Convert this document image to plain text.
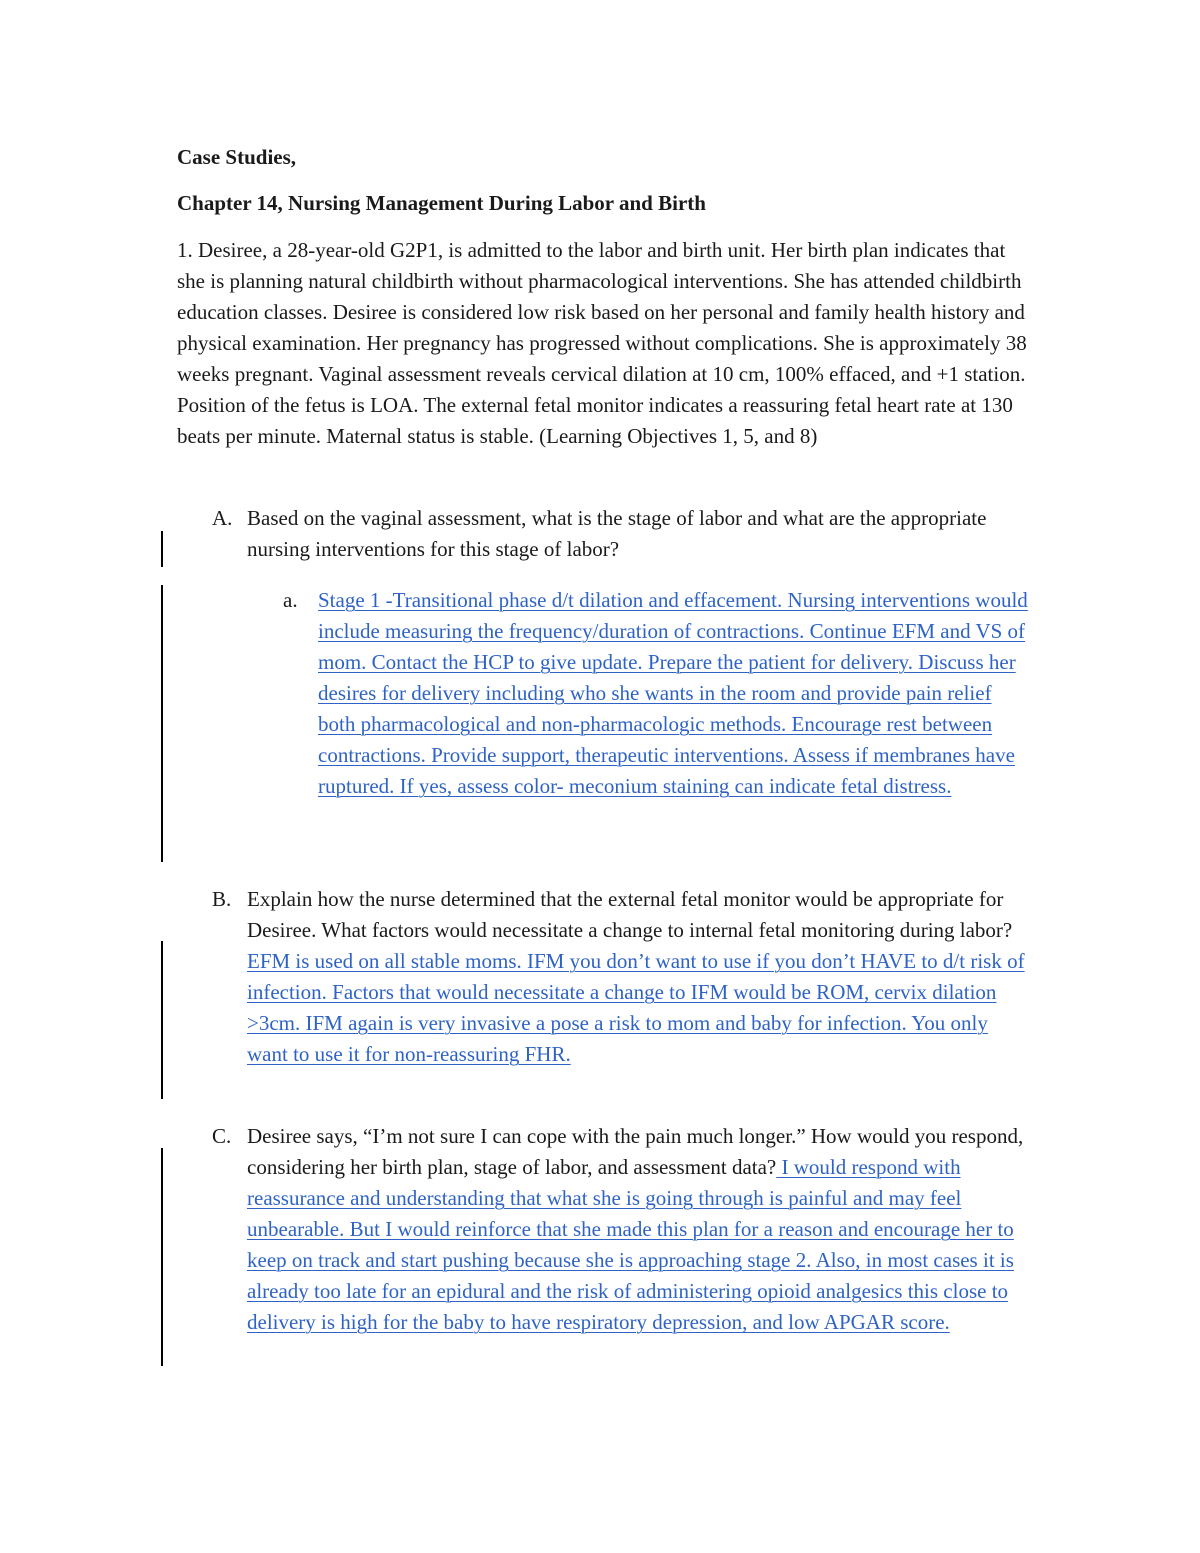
Case Studies,
Chapter 14, Nursing Management During Labor and Birth
1. Desiree, a 28-year-old G2P1, is admitted to the labor and birth unit. Her birth plan indicates that she is planning natural childbirth without pharmacological interventions. She has attended childbirth education classes. Desiree is considered low risk based on her personal and family health history and physical examination. Her pregnancy has progressed without complications. She is approximately 38 weeks pregnant. Vaginal assessment reveals cervical dilation at 10 cm, 100% effaced, and +1 station. Position of the fetus is LOA. The external fetal monitor indicates a reassuring fetal heart rate at 130 beats per minute. Maternal status is stable. (Learning Objectives 1, 5, and 8)
A. Based on the vaginal assessment, what is the stage of labor and what are the appropriate nursing interventions for this stage of labor?
a. Stage 1 -Transitional phase d/t dilation and effacement. Nursing interventions would include measuring the frequency/duration of contractions. Continue EFM and VS of mom. Contact the HCP to give update. Prepare the patient for delivery. Discuss her desires for delivery including who she wants in the room and provide pain relief both pharmacological and non-pharmacologic methods. Encourage rest between contractions. Provide support, therapeutic interventions. Assess if membranes have ruptured. If yes, assess color- meconium staining can indicate fetal distress.
B. Explain how the nurse determined that the external fetal monitor would be appropriate for Desiree. What factors would necessitate a change to internal fetal monitoring during labor? EFM is used on all stable moms. IFM you don’t want to use if you don’t HAVE to d/t risk of infection. Factors that would necessitate a change to IFM would be ROM, cervix dilation >3cm. IFM again is very invasive a pose a risk to mom and baby for infection. You only want to use it for non-reassuring FHR.
C. Desiree says, “I’m not sure I can cope with the pain much longer.” How would you respond, considering her birth plan, stage of labor, and assessment data? I would respond with reassurance and understanding that what she is going through is painful and may feel unbearable. But I would reinforce that she made this plan for a reason and encourage her to keep on track and start pushing because she is approaching stage 2. Also, in most cases it is already too late for an epidural and the risk of administering opioid analgesics this close to delivery is high for the baby to have respiratory depression, and low APGAR score.
